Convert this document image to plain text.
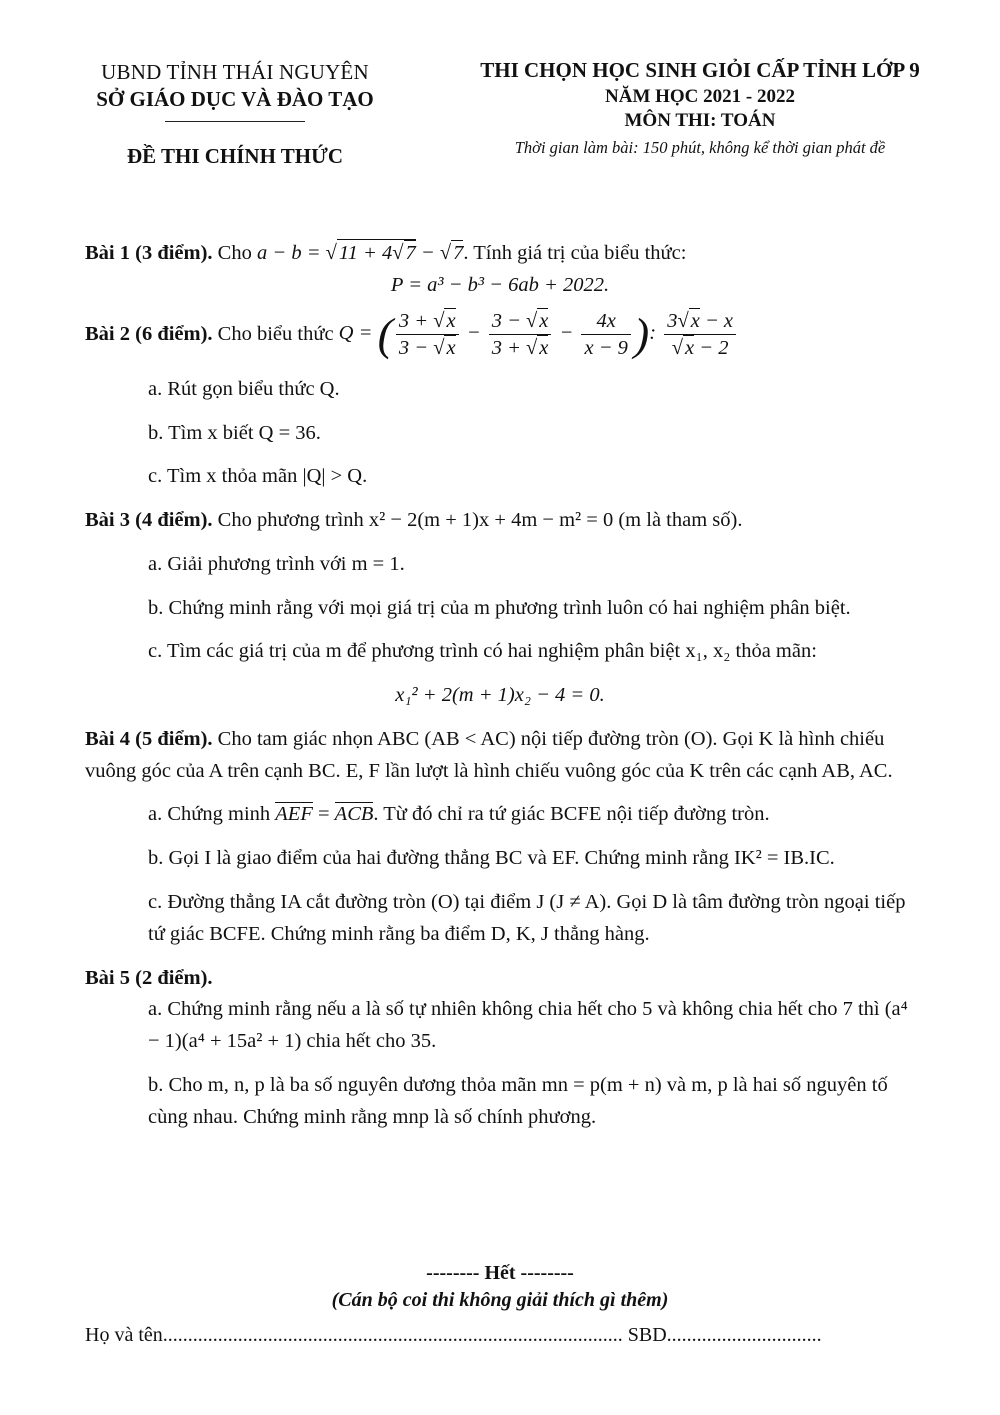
UBND TỈNH THÁI NGUYÊN
SỞ GIÁO DỤC VÀ ĐÀO TẠO
ĐỀ THI CHÍNH THỨC
THI CHỌN HỌC SINH GIỎI CẤP TỈNH LỚP 9
NĂM HỌC 2021 - 2022
MÔN THI: TOÁN
Thời gian làm bài: 150 phút, không kể thời gian phát đề

Bài 1 (3 điểm). Cho a − b = √11 + 4√7 − √7. Tính giá trị của biểu thức:

P = a³ − b³ − 6ab + 2022.

Bài 2 (6 điểm). Cho biểu thức Q = ( $\frac{3 + √x}{3 - √x} - \frac{3 - √x}{3 + √x} - \frac{4x}{x - 9}$ ): $\frac{3√x - x}{√x - 2}$

a. Rút gọn biểu thức Q.

b. Tìm x biết Q = 36.

c. Tìm x thỏa mãn |Q| > Q.

Bài 3 (4 điểm). Cho phương trình x² − 2(m + 1)x + 4m − m² = 0 (m là tham số).

a. Giải phương trình với m = 1.

b. Chứng minh rằng với mọi giá trị của m phương trình luôn có hai nghiệm phân biệt.

c. Tìm các giá trị của m để phương trình có hai nghiệm phân biệt x₁, x₂ thỏa mãn:

x₁² + 2(m + 1)x₂ − 4 = 0.

Bài 4 (5 điểm). Cho tam giác nhọn ABC (AB < AC) nội tiếp đường tròn (O). Gọi K là hình chiếu vuông góc của A trên cạnh BC. E, F lần lượt là hình chiếu vuông góc của K trên các cạnh AB, AC.

a. Chứng minh AEF = ACB. Từ đó chỉ ra tứ giác BCFE nội tiếp đường tròn.

b. Gọi I là giao điểm của hai đường thẳng BC và EF. Chứng minh rằng IK² = IB.IC.

c. Đường thẳng IA cắt đường tròn (O) tại điểm J (J ≠ A). Gọi D là tâm đường tròn ngoại tiếp tứ giác BCFE. Chứng minh rằng ba điểm D, K, J thẳng hàng.

Bài 5 (2 điểm).

a. Chứng minh rằng nếu a là số tự nhiên không chia hết cho 5 và không chia hết cho 7 thì (a⁴ − 1)(a⁴ + 15a² + 1) chia hết cho 35.

b. Cho m, n, p là ba số nguyên dương thỏa mãn mn = p(m + n) và m, p là hai số nguyên tố cùng nhau. Chứng minh rằng mnp là số chính phương.

-------- Hết --------
(Cán bộ coi thi không giải thích gì thêm)
Họ và tên............................................................................................ SBD...............................
